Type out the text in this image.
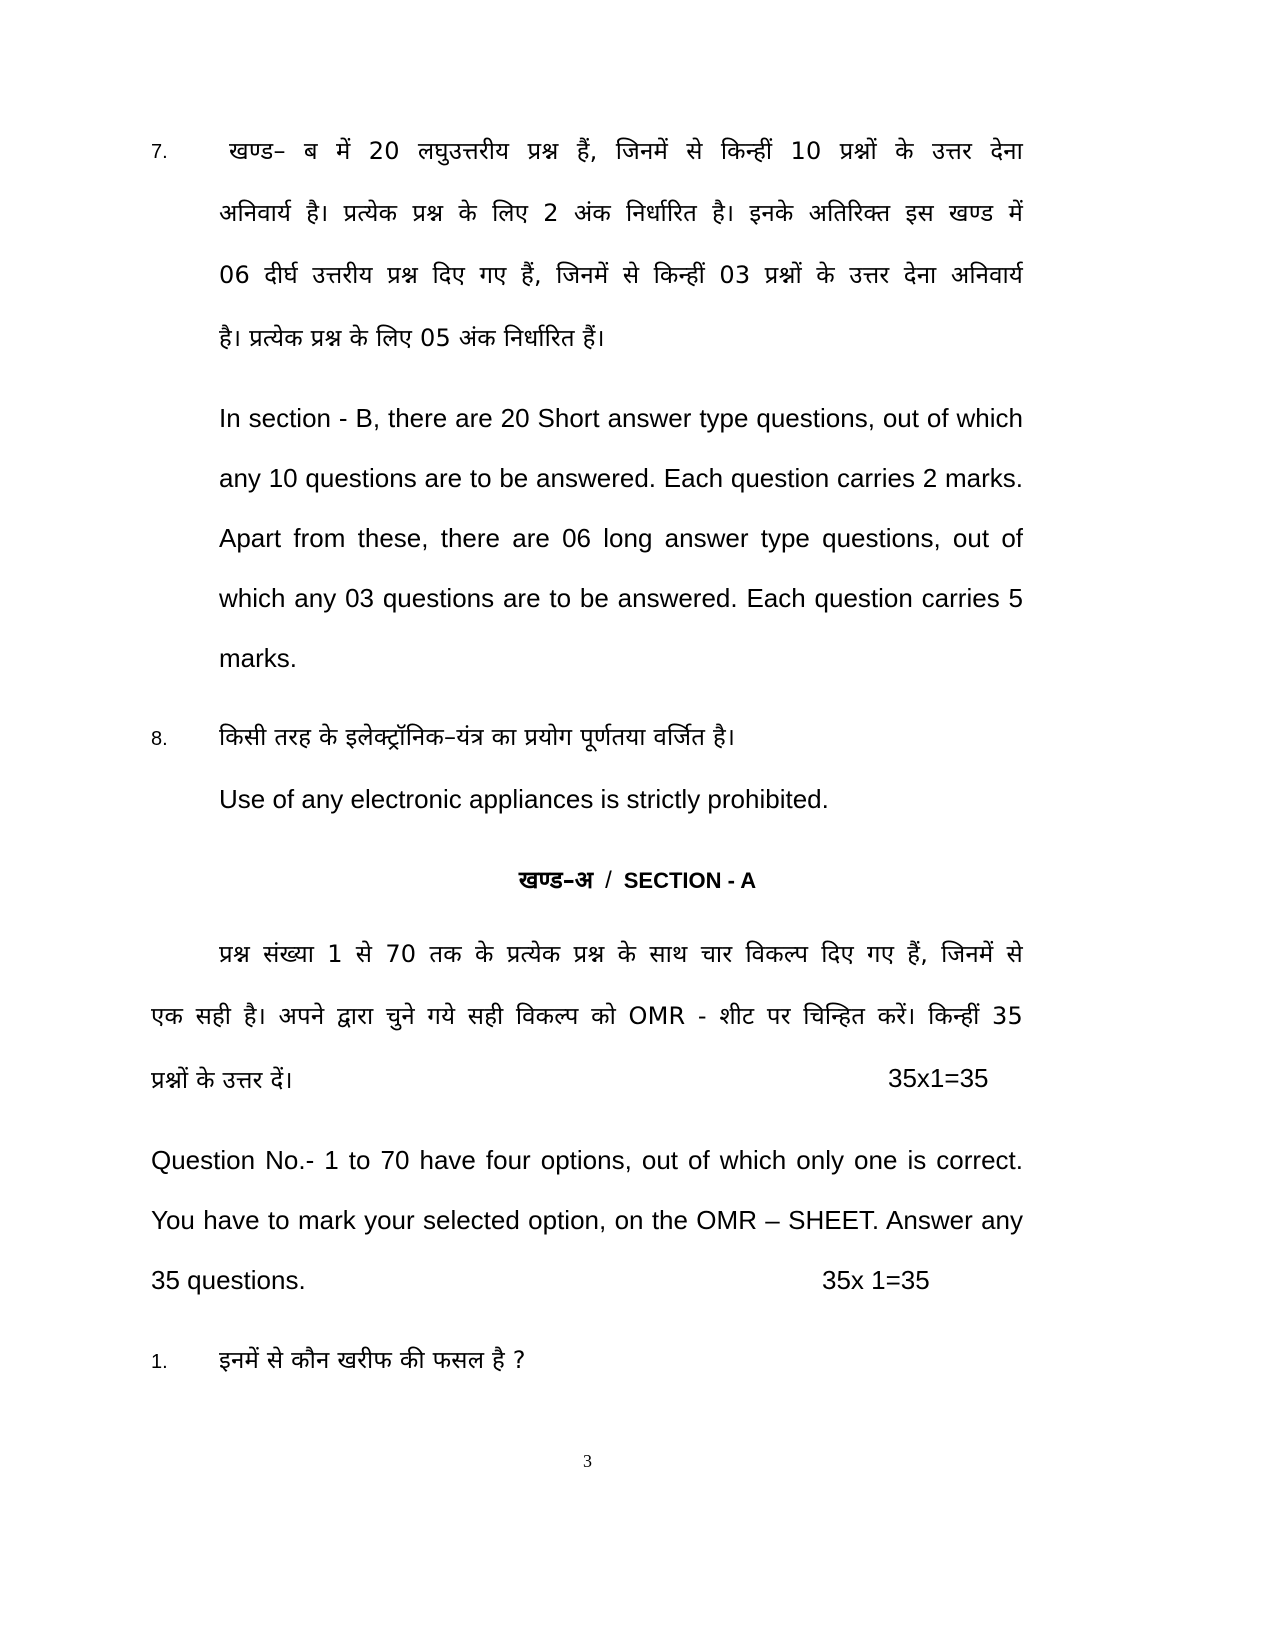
7.	खण्ड– ब में 20 लघुउत्तरीय प्रश्न हैं, जिनमें से किन्हीं 10 प्रश्नों के उत्तर देना
अनिवार्य है। प्रत्येक प्रश्न के लिए 2 अंक निर्धारित है। इनके अतिरिक्त इस खण्ड में
06 दीर्घ उत्तरीय प्रश्न दिए गए हैं, जिनमें से किन्हीं 03 प्रश्नों के उत्तर देना अनिवार्य
है। प्रत्येक प्रश्न के लिए 05 अंक निर्धारित हैं।
In section - B, there are 20 Short answer type questions, out of which
any 10 questions are to be answered. Each question carries 2 marks.
Apart from these, there are 06 long answer type questions, out of
which any 03 questions are to be answered. Each question carries 5
marks.
8. किसी तरह के इलेक्ट्रॉनिक–यंत्र का प्रयोग पूर्णतया वर्जित है।
Use of any electronic appliances is strictly prohibited.
खण्ड–अ / SECTION - A
प्रश्न संख्या 1 से 70 तक के प्रत्येक प्रश्न के साथ चार विकल्प दिए गए हैं, जिनमें से
एक सही है। अपने द्वारा चुने गये सही विकल्प को OMR - शीट पर चिन्हित करें। किन्हीं 35
प्रश्नों के उत्तर दें।	35x1=35
Question No.- 1 to 70 have four options, out of which only one is correct.
You have to mark your selected option, on the OMR – SHEET. Answer any
35 questions.	35x 1=35
1. इनमें से कौन खरीफ की फसल है ?
3
